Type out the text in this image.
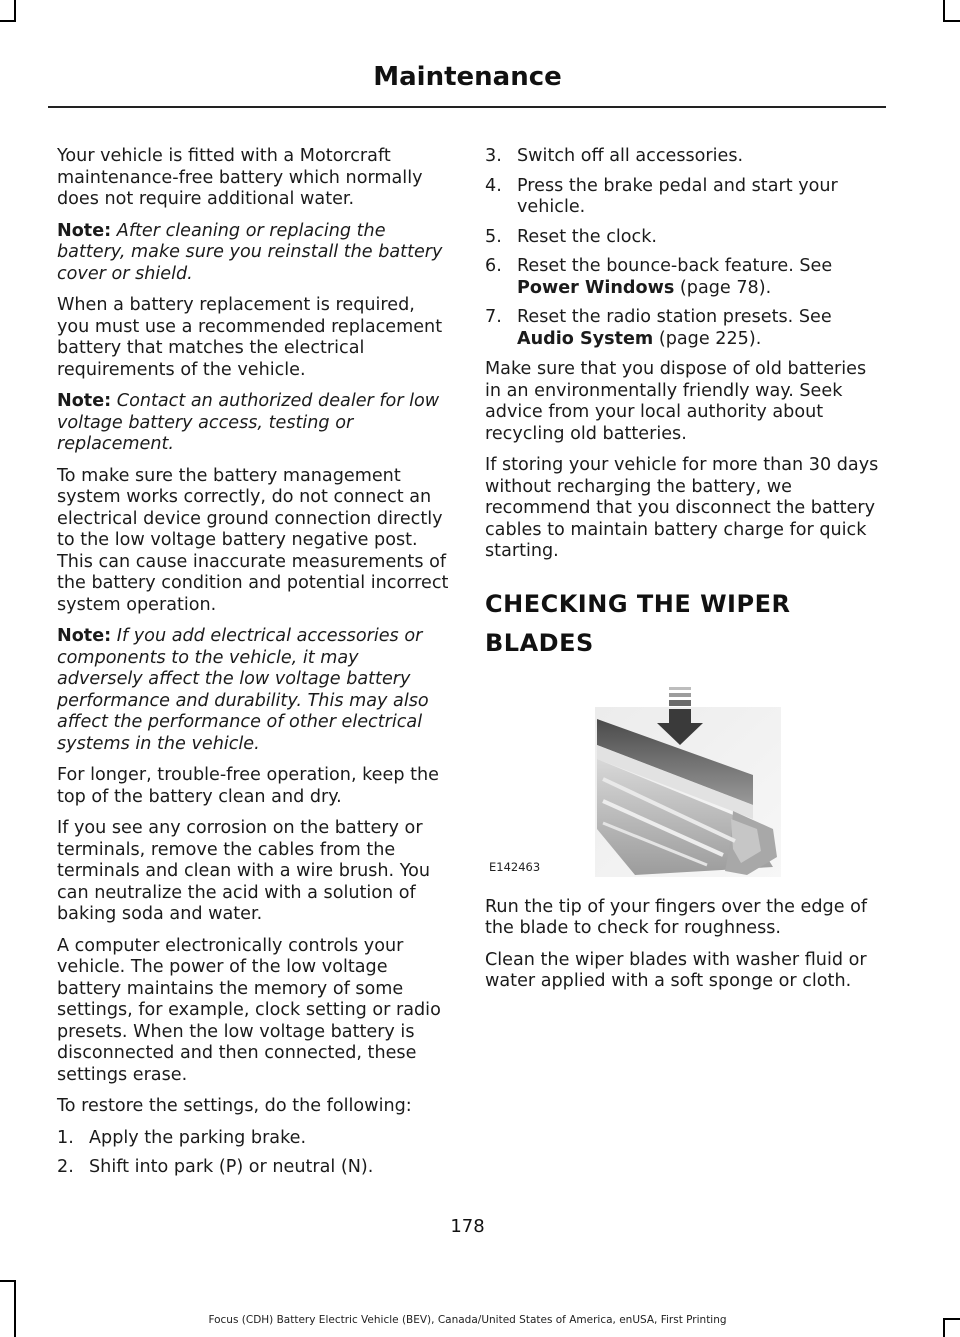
Maintenance

Your vehicle is fitted with a Motorcraft maintenance-free battery which normally does not require additional water.

Note: After cleaning or replacing the battery, make sure you reinstall the battery cover or shield.

When a battery replacement is required, you must use a recommended replacement battery that matches the electrical requirements of the vehicle.

Note: Contact an authorized dealer for low voltage battery access, testing or replacement.

To make sure the battery management system works correctly, do not connect an electrical device ground connection directly to the low voltage battery negative post. This can cause inaccurate measurements of the battery condition and potential incorrect system operation.

Note: If you add electrical accessories or components to the vehicle, it may adversely affect the low voltage battery performance and durability. This may also affect the performance of other electrical systems in the vehicle.

For longer, trouble-free operation, keep the top of the battery clean and dry.

If you see any corrosion on the battery or terminals, remove the cables from the terminals and clean with a wire brush. You can neutralize the acid with a solution of baking soda and water.

A computer electronically controls your vehicle. The power of the low voltage battery maintains the memory of some settings, for example, clock setting or radio presets. When the low voltage battery is disconnected and then connected, these settings erase.

To restore the settings, do the following:

1. Apply the parking brake.
2. Shift into park (P) or neutral (N).
3. Switch off all accessories.
4. Press the brake pedal and start your vehicle.
5. Reset the clock.
6. Reset the bounce-back feature. See Power Windows (page 78).
7. Reset the radio station presets. See Audio System (page 225).

Make sure that you dispose of old batteries in an environmentally friendly way. Seek advice from your local authority about recycling old batteries.

If storing your vehicle for more than 30 days without recharging the battery, we recommend that you disconnect the battery cables to maintain battery charge for quick starting.

CHECKING THE WIPER
BLADES
E142463

Run the tip of your fingers over the edge of the blade to check for roughness.

Clean the wiper blades with washer fluid or water applied with a soft sponge or cloth.

178
Focus (CDH) Battery Electric Vehicle (BEV), Canada/United States of America, enUSA, First Printing
